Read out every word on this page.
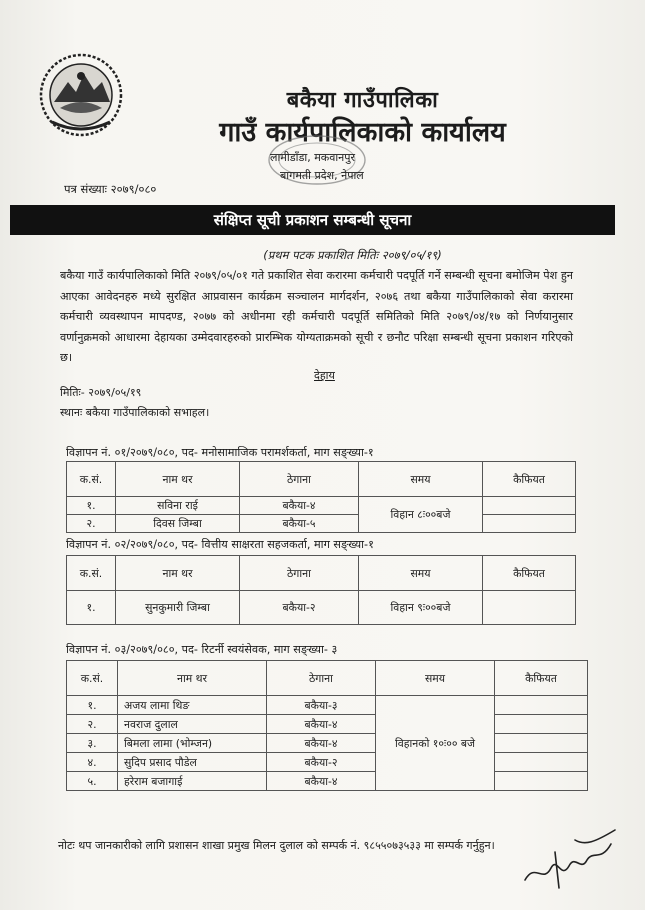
बकैया गाउँपालिका
गाउँ कार्यपालिकाको कार्यालय
लामीडाँडा, मकवानपुर
बागमती प्रदेश, नेपाल
पत्र संख्याः २०७९/०८०
संक्षिप्त सूची प्रकाशन सम्बन्धी सूचना
(प्रथम पटक प्रकाशित मितिः २०७९/०५/१९)
बकैया गाउँ कार्यपालिकाको मिति २०७९/०५/०१ गते प्रकाशित सेवा करारमा कर्मचारी पदपूर्ति गर्ने सम्बन्धी सूचना बमोजिम पेश हुन आएका आवेदनहरु मध्ये सुरक्षित आप्रवासन कार्यक्रम सञ्चालन मार्गदर्शन, २०७६ तथा बकैया गाउँपालिकाको सेवा करारमा कर्मचारी व्यवस्थापन मापदण्ड, २०७७ को अधीनमा रही कर्मचारी पदपूर्ति समितिको मिति २०७९/०४/१७ को निर्णयानुसार वर्णानुक्रमको आधारमा देहायका उम्मेदवारहरुको प्रारम्भिक योग्यताक्रमको सूची र छनौट परिक्षा सम्बन्धी सूचना प्रकाशन गरिएको छ।
देहाय
मितिः- २०७९/०५/१९
स्थानः बकैया गाउँपालिकाको सभाहल।
विज्ञापन नं. ०१/२०७९/०८०, पद- मनोसामाजिक परामर्शकर्ता, माग सङ्ख्या-१
क.सं.	नाम थर	ठेगाना	समय	कैफियत
१.	सविना राई	बकैया-४	विहान ८ः००बजे	
२.	दिवस जिम्बा	बकैया-५		
विज्ञापन नं. ०२/२०७९/०८०, पद- वित्तीय साक्षरता सहजकर्ता, माग सङ्ख्या-१
क.सं.	नाम थर	ठेगाना	समय	कैफियत
१.	सुनकुमारी जिम्बा	बकैया-२	विहान ९ः००बजे	
विज्ञापन नं. ०३/२०७९/०८०, पद- रिटर्नी स्वयंसेवक, माग सङ्ख्या- ३
क.सं.	नाम थर	ठेगाना	समय	कैफियत
१.	अजय लामा थिङ	बकैया-३	विहानको १०ः०० बजे	
२.	नवराज दुलाल	बकैया-४		
३.	बिमला लामा (भोम्जन)	बकैया-४		
४.	सुदिप प्रसाद पौडेल	बकैया-२		
५.	हरेराम बजागाई	बकैया-४		
नोटः थप जानकारीको लागि प्रशासन शाखा प्रमुख मिलन दुलाल को सम्पर्क नं. ९८५५०७३५३३ मा सम्पर्क गर्नुहुन।
